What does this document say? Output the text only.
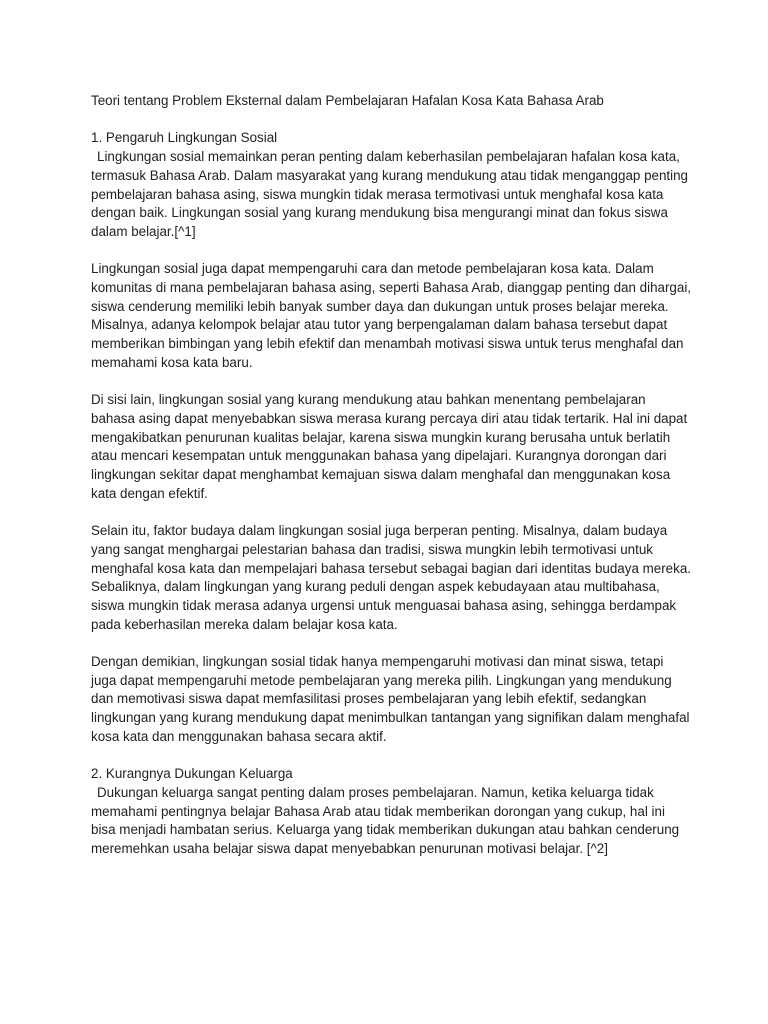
Teori tentang Problem Eksternal dalam Pembelajaran Hafalan Kosa Kata Bahasa Arab
1. Pengaruh Lingkungan Sosial

Lingkungan sosial memainkan peran penting dalam keberhasilan pembelajaran hafalan kosa kata, termasuk Bahasa Arab. Dalam masyarakat yang kurang mendukung atau tidak menganggap penting pembelajaran bahasa asing, siswa mungkin tidak merasa termotivasi untuk menghafal kosa kata dengan baik. Lingkungan sosial yang kurang mendukung bisa mengurangi minat dan fokus siswa dalam belajar.[^1]

Lingkungan sosial juga dapat mempengaruhi cara dan metode pembelajaran kosa kata. Dalam komunitas di mana pembelajaran bahasa asing, seperti Bahasa Arab, dianggap penting dan dihargai, siswa cenderung memiliki lebih banyak sumber daya dan dukungan untuk proses belajar mereka. Misalnya, adanya kelompok belajar atau tutor yang berpengalaman dalam bahasa tersebut dapat memberikan bimbingan yang lebih efektif dan menambah motivasi siswa untuk terus menghafal dan memahami kosa kata baru.

Di sisi lain, lingkungan sosial yang kurang mendukung atau bahkan menentang pembelajaran bahasa asing dapat menyebabkan siswa merasa kurang percaya diri atau tidak tertarik. Hal ini dapat mengakibatkan penurunan kualitas belajar, karena siswa mungkin kurang berusaha untuk berlatih atau mencari kesempatan untuk menggunakan bahasa yang dipelajari. Kurangnya dorongan dari lingkungan sekitar dapat menghambat kemajuan siswa dalam menghafal dan menggunakan kosa kata dengan efektif.

Selain itu, faktor budaya dalam lingkungan sosial juga berperan penting. Misalnya, dalam budaya yang sangat menghargai pelestarian bahasa dan tradisi, siswa mungkin lebih termotivasi untuk menghafal kosa kata dan mempelajari bahasa tersebut sebagai bagian dari identitas budaya mereka. Sebaliknya, dalam lingkungan yang kurang peduli dengan aspek kebudayaan atau multibahasa, siswa mungkin tidak merasa adanya urgensi untuk menguasai bahasa asing, sehingga berdampak pada keberhasilan mereka dalam belajar kosa kata.

Dengan demikian, lingkungan sosial tidak hanya mempengaruhi motivasi dan minat siswa, tetapi juga dapat mempengaruhi metode pembelajaran yang mereka pilih. Lingkungan yang mendukung dan memotivasi siswa dapat memfasilitasi proses pembelajaran yang lebih efektif, sedangkan lingkungan yang kurang mendukung dapat menimbulkan tantangan yang signifikan dalam menghafal kosa kata dan menggunakan bahasa secara aktif.

2. Kurangnya Dukungan Keluarga

Dukungan keluarga sangat penting dalam proses pembelajaran. Namun, ketika keluarga tidak memahami pentingnya belajar Bahasa Arab atau tidak memberikan dorongan yang cukup, hal ini bisa menjadi hambatan serius. Keluarga yang tidak memberikan dukungan atau bahkan cenderung meremehkan usaha belajar siswa dapat menyebabkan penurunan motivasi belajar. [^2]
